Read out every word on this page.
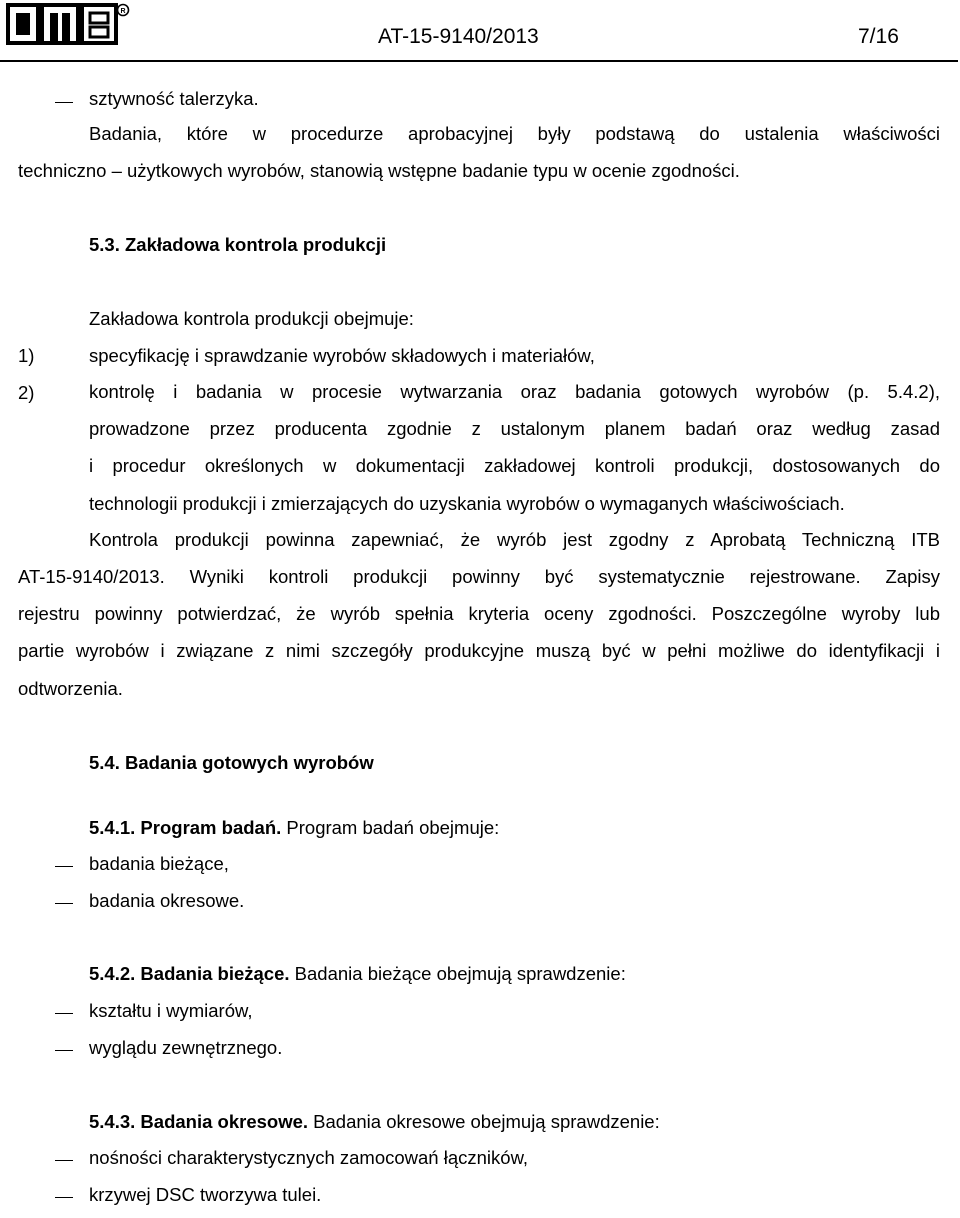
R
AT-15-9140/2013	7/16
sztywność talerzyka.
Badania, które w procedurze aprobacyjnej były podstawą do ustalenia właściwości
techniczno – użytkowych wyrobów, stanowią wstępne badanie typu w ocenie zgodności.
5.3. Zakładowa kontrola produkcji
Zakładowa kontrola produkcji obejmuje:
1)	specyfikację i sprawdzanie wyrobów składowych i materiałów,
2)	kontrolę i badania w procesie wytwarzania oraz badania gotowych wyrobów (p. 5.4.2),
prowadzone przez producenta zgodnie z ustalonym planem badań oraz według zasad
i procedur określonych w dokumentacji zakładowej kontroli produkcji, dostosowanych do
technologii produkcji i zmierzających do uzyskania wyrobów o wymaganych właściwościach.
Kontrola produkcji powinna zapewniać, że wyrób jest zgodny z Aprobatą Techniczną ITB
AT-15-9140/2013. Wyniki kontroli produkcji powinny być systematycznie rejestrowane. Zapisy
rejestru powinny potwierdzać, że wyrób spełnia kryteria oceny zgodności. Poszczególne wyroby lub
partie wyrobów i związane z nimi szczegóły produkcyjne muszą być w pełni możliwe do identyfikacji i
odtworzenia.
5.4. Badania gotowych wyrobów
5.4.1. Program badań. Program badań obejmuje:
badania bieżące,
badania okresowe.
5.4.2. Badania bieżące. Badania bieżące obejmują sprawdzenie:
kształtu i wymiarów,
wyglądu zewnętrznego.
5.4.3. Badania okresowe. Badania okresowe obejmują sprawdzenie:
nośności charakterystycznych zamocowań łączników,
krzywej DSC tworzywa tulei.
